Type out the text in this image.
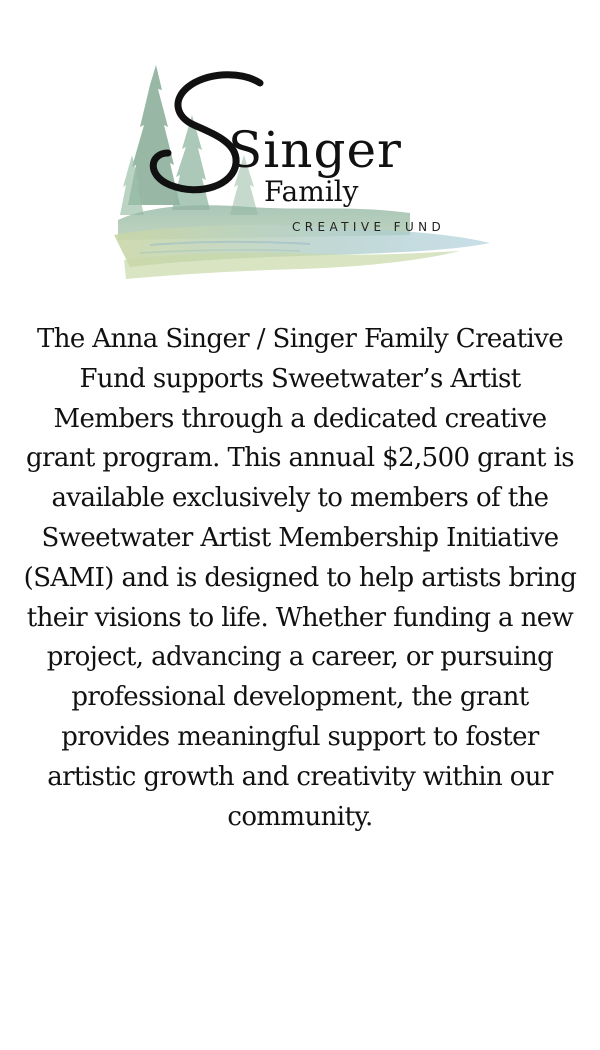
Singer
Family
CREATIVE FUND

The Anna Singer / Singer Family Creative Fund supports Sweetwater’s Artist Members through a dedicated creative grant program. This annual $2,500 grant is available exclusively to members of the Sweetwater Artist Membership Initiative (SAMI) and is designed to help artists bring their visions to life. Whether funding a new project, advancing a career, or pursuing professional development, the grant provides meaningful support to foster artistic growth and creativity within our community.
